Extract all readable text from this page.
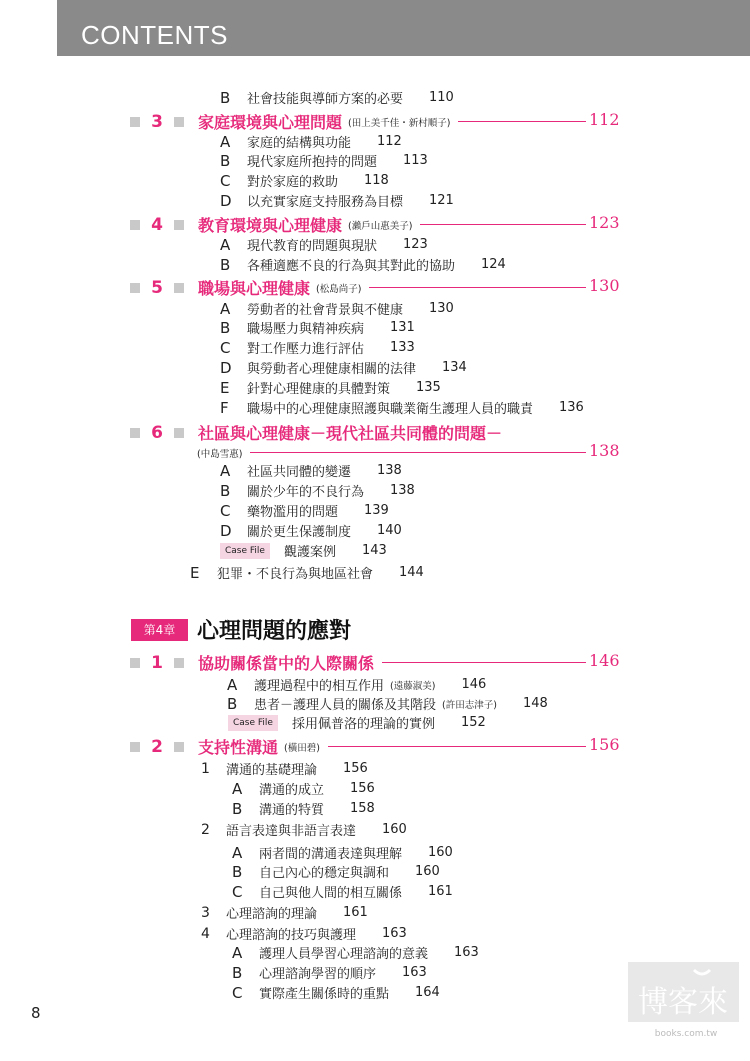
CONTENTS
B	社會技能與導師方案的必要 110
3	家庭環境與心理問題 (田上美千佳・新村順子)	112
A	家庭的結構與功能 112
B	現代家庭所抱持的問題 113
C	對於家庭的救助 118
D	以充實家庭支持服務為目標 121
4	教育環境與心理健康 (瀨戶山惠美子)	123
A	現代教育的問題與現狀 123
B	各種適應不良的行為與其對此的協助 124
5	職場與心理健康 (松島尚子)	130
A	勞動者的社會背景與不健康 130
B	職場壓力與精神疾病 131
C	對工作壓力進行評估 133
D	與勞動者心理健康相關的法律 134
E	針對心理健康的具體對策 135
F	職場中的心理健康照護與職業衛生護理人員的職責 136
6	社區與心理健康－現代社區共同體的問題－
(中島雪惠)	138
A	社區共同體的變遷 138
B	關於少年的不良行為 138
C	藥物濫用的問題 139
D	關於更生保護制度 140
Case File	觀護案例 143
E	犯罪・不良行為與地區社會 144
1	協助關係當中的人際關係	146
A	護理過程中的相互作用 (遠藤淑美) 146
B	患者－護理人員的關係及其階段 (許田志津子) 148
Case File	採用佩普洛的理論的實例 152
2	支持性溝通 (橫田碧)	156
1	溝通的基礎理論 156
A	溝通的成立 156
B	溝通的特質 158
2	語言表達與非語言表達 160
A	兩者間的溝通表達與理解 160
B	自己內心的穩定與調和 160
C	自己與他人間的相互關係 161
3	心理諮詢的理論 161
4	心理諮詢的技巧與護理 163
A	護理人員學習心理諮詢的意義 163
B	心理諮詢學習的順序 163
C	實際產生關係時的重點 164
第4章 心理問題的應對
8	博客來
books.com.tw
